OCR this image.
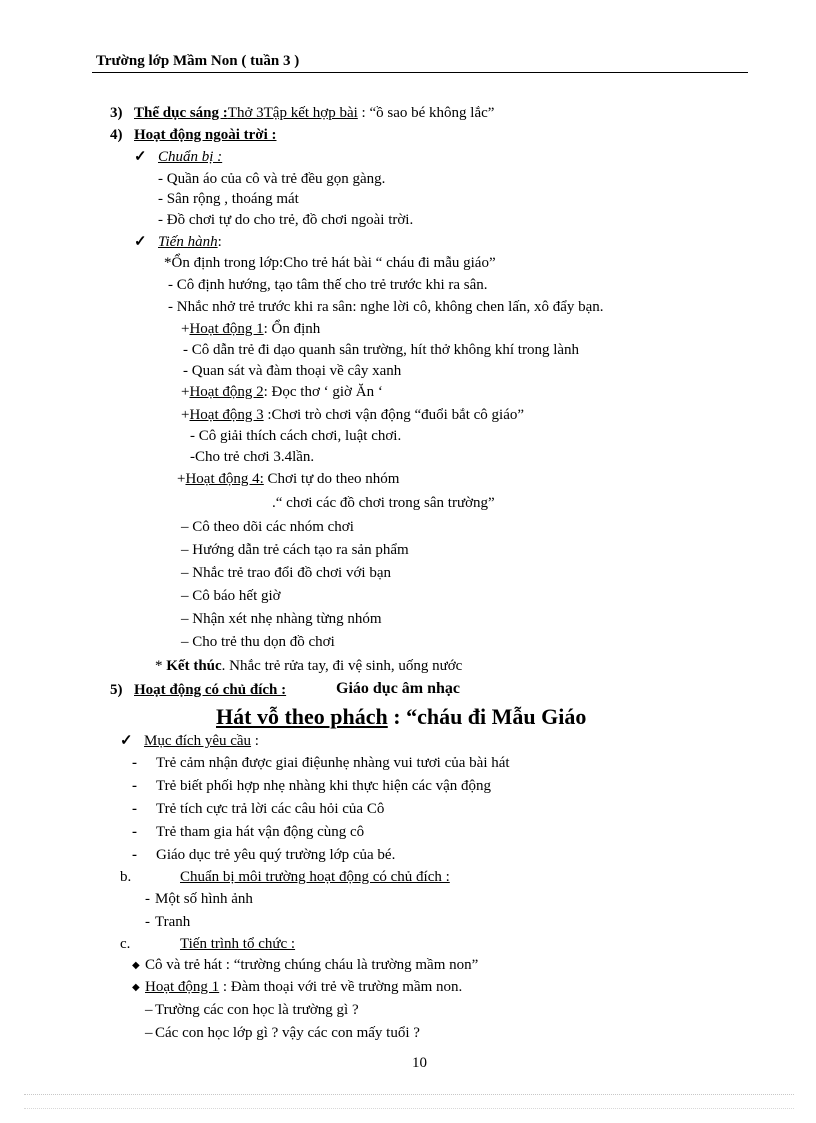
Trường lớp Mầm Non ( tuần 3 )
3) Thể dục sáng :Thở 3Tập kết hợp bài : “ồ sao bé không lắc”
4) Hoạt động ngoài trời :
✓ Chuẩn bị :
- Quần áo của cô và trẻ đều gọn gàng.
- Sân rộng , thoáng mát
- Đồ chơi tự do cho trẻ, đồ chơi ngoài trời.
✓ Tiến hành:
*Ổn định trong lớp:Cho trẻ hát bài “ cháu đi mẫu giáo”
- Cô định hướng, tạo tâm thế cho trẻ trước khi ra sân.
- Nhắc nhở trẻ trước khi ra sân: nghe lời cô, không chen lấn, xô đẩy bạn.
+Hoạt động 1: Ổn định
- Cô dẫn trẻ đi dạo quanh sân trường, hít thở không khí trong lành
- Quan sát và đàm thoại về cây xanh
+Hoạt động 2: Đọc thơ ‘ giờ Ăn ‘
+Hoạt động 3 :Chơi trò chơi vận động “đuổi bắt cô giáo”
- Cô giải thích cách chơi, luật chơi.
-Cho trẻ chơi 3.4lần.
+Hoạt động 4: Chơi tự do theo nhóm
.“ chơi các đồ chơi trong sân trường”
– Cô theo dõi các nhóm chơi
– Hướng dẫn trẻ cách tạo ra sản phẩm
– Nhắc trẻ trao đổi đồ chơi với bạn
– Cô báo hết giờ
– Nhận xét nhẹ nhàng từng nhóm
– Cho trẻ thu dọn đồ chơi
* Kết thúc. Nhắc trẻ rửa tay, đi vệ sinh, uống nước
5) Hoạt động có chủ đích :	Giáo dục âm nhạc
Hát vỗ theo phách : “cháu đi Mẫu Giáo
✓ Mục đích yêu cầu :
- Trẻ cảm nhận được giai điệunhẹ nhàng vui tươi của bài hát
- Trẻ biết phối hợp nhẹ nhàng khi thực hiện các vận động
- Trẻ tích cực trả lời các câu hỏi của Cô
- Trẻ tham gia hát vận động cùng cô
- Giáo dục trẻ yêu quý trường lớp của bé.
b.	Chuẩn bị môi trường hoạt động có chủ đích :
- Một số hình ảnh
- Tranh
c.	Tiến trình tổ chức :
◆ Cô và trẻ hát : “trường chúng cháu là trường mầm non”
◆ Hoạt động 1 : Đàm thoại với trẻ về trường mầm non.
– Trường các con học là trường gì ?
– Các con học lớp gì ? vậy các con mấy tuổi ?
10
